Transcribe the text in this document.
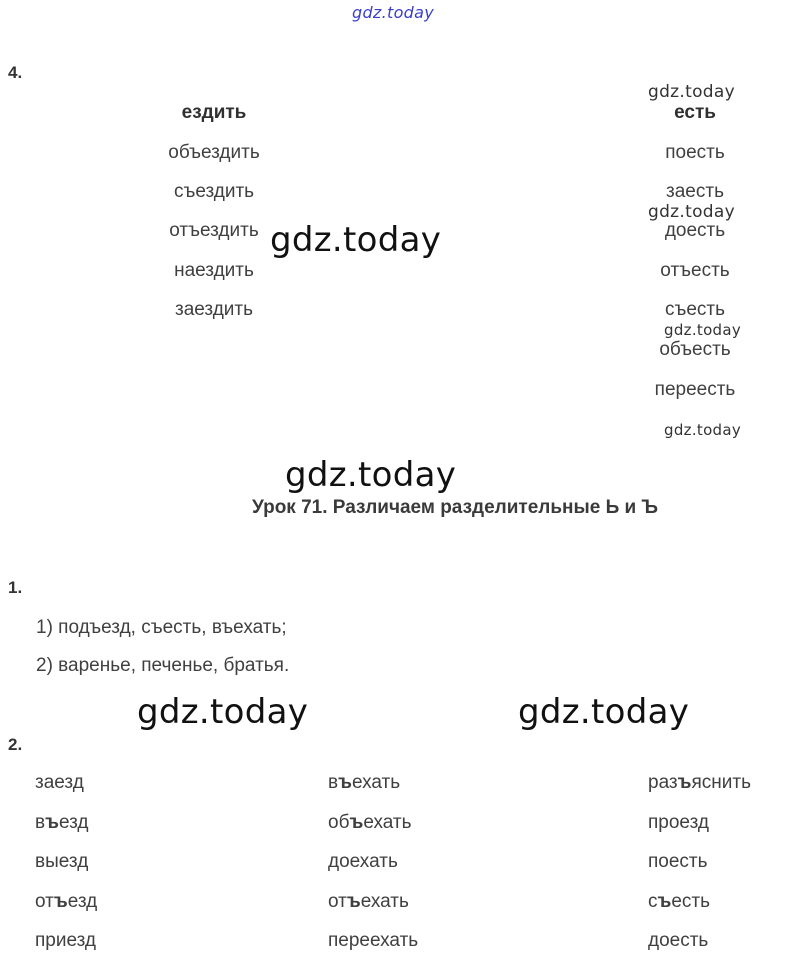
gdz.today
gdz.today
gdz.today
gdz.today
gdz.today
gdz.today
gdz.today
gdz.today	gdz.today
4.
ездить
объездить
съездить
отъездить
наездить
заездить
есть
поесть
заесть
доесть
отъесть
съесть
объесть
переесть
Урок 71. Различаем разделительные Ь и Ъ
1.
1) подъезд, съесть, въехать;
2) варенье, печенье, братья.
2.
заезд
въезд
выезд
отъезд
приезд
въехать
объехать
доехать
отъехать
переехать
разъяснить
проезд
поесть
съесть
доесть
